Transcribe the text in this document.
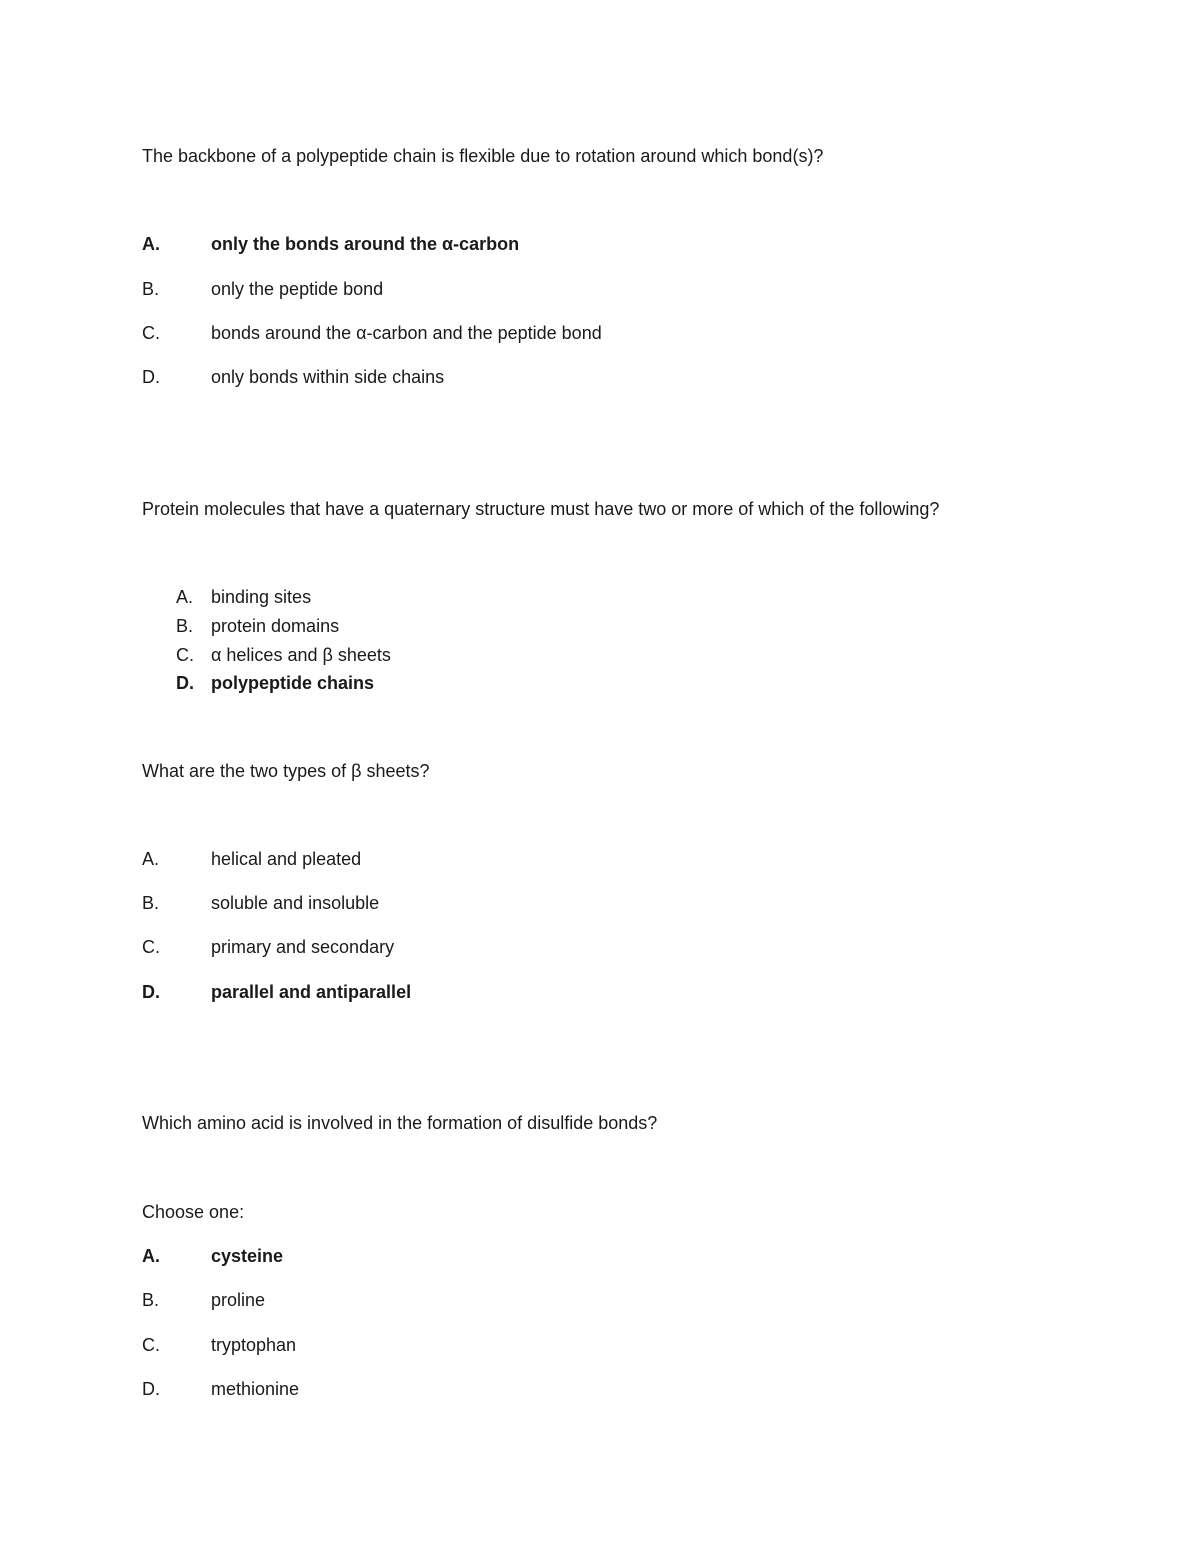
The backbone of a polypeptide chain is flexible due to rotation around which bond(s)?
A.	only the bonds around the α-carbon
B.	only the peptide bond
C.	bonds around the α-carbon and the peptide bond
D.	only bonds within side chains
Protein molecules that have a quaternary structure must have two or more of which of the following?
A. binding sites
B. protein domains
C. α helices and β sheets
D. polypeptide chains
What are the two types of β sheets?
A.	helical and pleated
B.	soluble and insoluble
C.	primary and secondary
D.	parallel and antiparallel
Which amino acid is involved in the formation of disulfide bonds?
Choose one:
A.	cysteine
B.	proline
C.	tryptophan
D.	methionine
